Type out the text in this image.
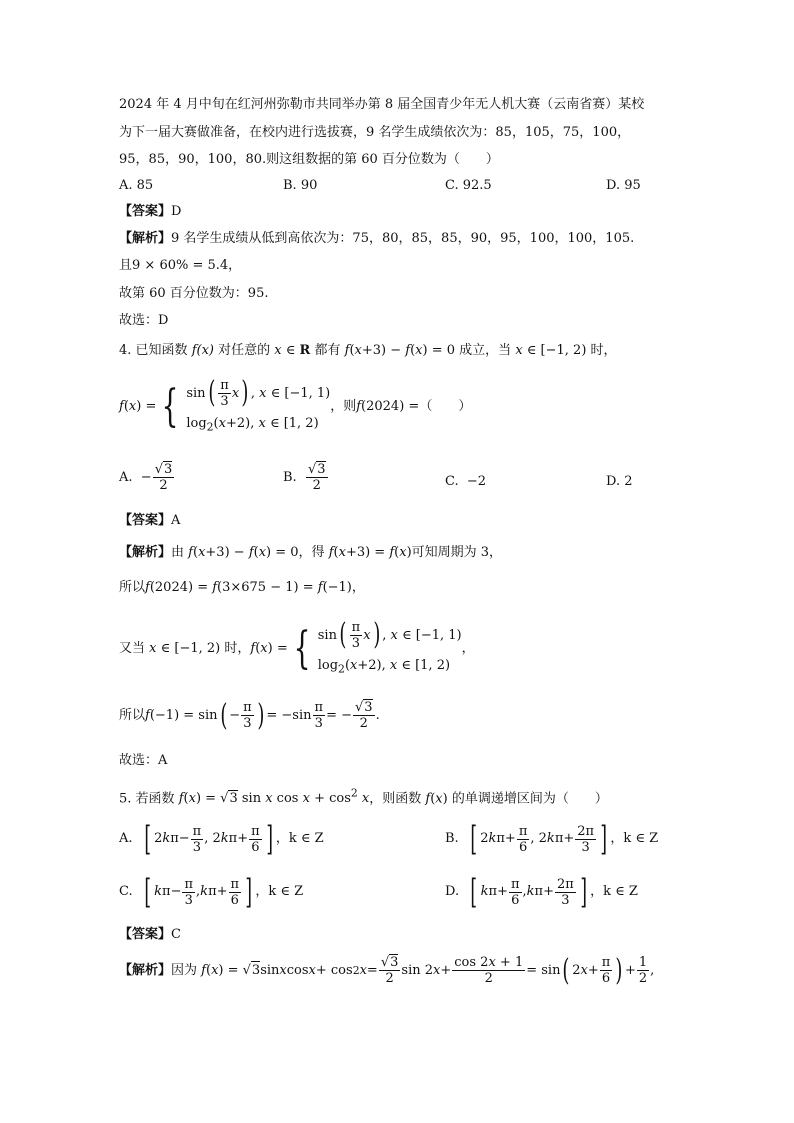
2024 年 4 月中旬在红河州弥勒市共同举办第 8 届全国青少年无人机大赛（云南省赛）某校
为下一届大赛做准备，在校内进行选拔赛，9 名学生成绩依次为：85，105，75，100，
95，85，90，100，80.则这组数据的第 60 百分位数为（　　）
A. 85	B. 90	C. 92.5	D. 95
【答案】D
【解析】9 名学生成绩从低到高依次为：75，80，85，85，90，95，100，100，105.
且9 × 60% = 5.4，
故第 60 百分位数为：95.
故选：D
4. 已知函数 f(x) 对任意的 x ∈ R 都有 f(x+3) − f(x) = 0 成立，当 x ∈ [−1, 2) 时，
f(x) = { $\sin( \frac{\pi}{3} x)$ , x ∈ [−1, 1)
$\log_2(x+2)$, x ∈ [1, 2)
，则 f(2024) = （　　）
A. − $\frac{√3}{2}$	B.
$\frac{√3}{2}$	C. −2	D. 2
【答案】A
【解析】由 f(x+3) − f(x) = 0，得 f(x+3) = f(x)可知周期为 3，
所以f(2024) = f(3×675 − 1) = f(−1)，
又当 x ∈ [−1, 2) 时， f(x) = { $\sin( \frac{\pi}{3} x)$ , x ∈ [−1, 1)
$\log_2(x+2)$, x ∈ [1, 2)
，
所以 f (−1) = sin ( − $\frac{\pi}{3}$ ) = $-\sin \frac{\pi}{3}$ = − $\frac{√3}{2}$ .
故选：A
5. 若函数 f(x) = √3 sin x $\cos x + \cos^2 x$，则函数 f(x) 的单调递增区间为（　　）
A.
[ 2 k $\pi- \frac{\pi}{3}$ , 2 k $\pi+ \frac{\pi}{6}$ ] ，k ∈ Z	B.
[ 2 k $\pi+ \frac{\pi}{6}$ , 2 k $\pi+ \frac{2\pi}{3}$ ] ，k ∈ Z
C.
[ k $\pi- \frac{\pi}{3}$ , k $\pi+ \frac{\pi}{6}$ ] ，k ∈ Z	D.
[ k $\pi+ \frac{\pi}{6}$ , k $\pi+ \frac{2\pi}{3}$ ] ，k ∈ Z
【答案】C
【解析】 因为
f ( x ) = √ 3 sin x cos x + cos 2 $x = \frac{√3}{2}$ sin 2 $x + \frac{\cos 2x + 1}{2} = \sin$ ( 2 $x + \frac{\pi}{6}$ ) + $\frac{1}{2}$ ,
